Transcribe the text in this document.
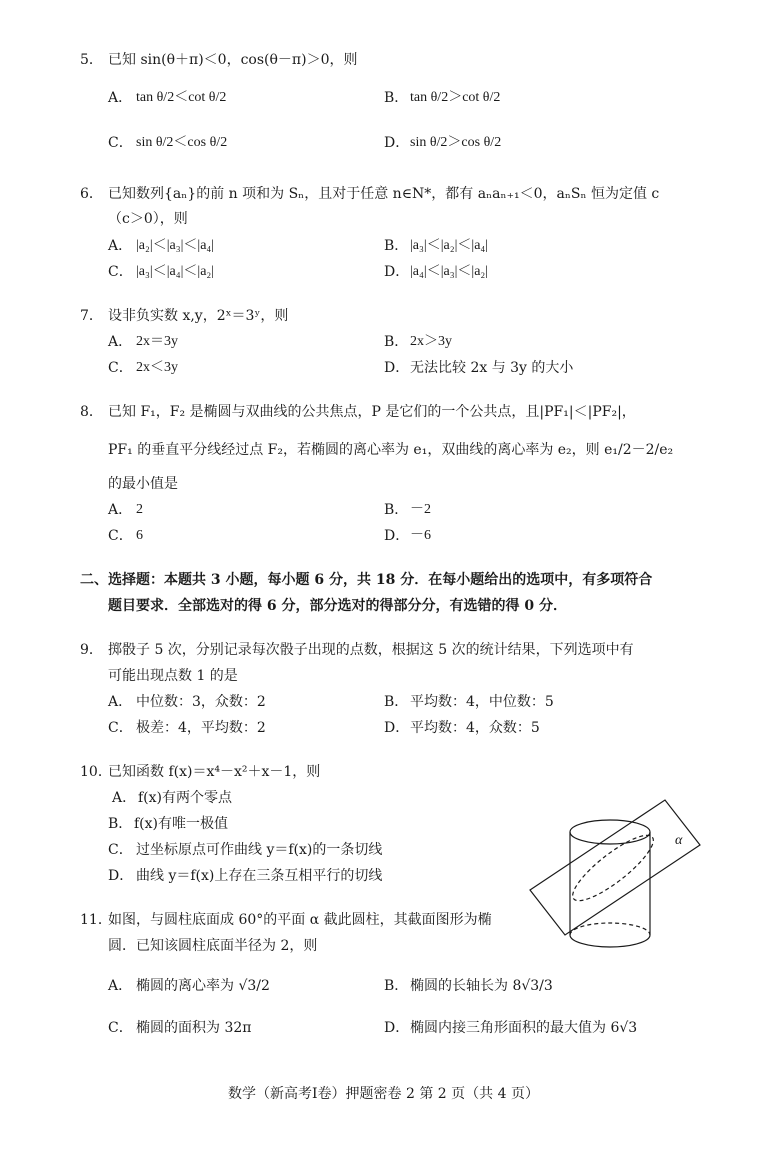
5． 已知 sin(θ＋π)＜0，cos(θ－π)＞0，则
A． tan θ/2＜cot θ/2	B． tan θ/2＞cot θ/2
C． sin θ/2＜cos θ/2	D． sin θ/2＞cos θ/2
6． 已知数列{aₙ}的前 n 项和为 Sₙ，且对于任意 n∈N*，都有 aₙaₙ₊₁＜0，aₙSₙ 恒为定值 c
（c＞0），则
A． |a₂|＜|a₃|＜|a₄|	B． |a₃|＜|a₂|＜|a₄|
C． |a₃|＜|a₄|＜|a₂|	D． |a₄|＜|a₃|＜|a₂|
7． 设非负实数 x,y，2ˣ＝3ʸ，则
A． 2x＝3y	B． 2x＞3y
C． 2x＜3y	D． 无法比较 2x 与 3y 的大小
8． 已知 F₁，F₂ 是椭圆与双曲线的公共焦点，P 是它们的一个公共点，且|PF₁|＜|PF₂|，
PF₁ 的垂直平分线经过点 F₂，若椭圆的离心率为 e₁，双曲线的离心率为 e₂，则 e₁/2－2/e₂
的最小值是
A． 2	B． －2
C． 6	D． －6
二、选择题：本题共 3 小题，每小题 6 分，共 18 分．在每小题给出的选项中，有多项符合
题目要求．全部选对的得 6 分，部分选对的得部分分，有选错的得 0 分．
9． 掷骰子 5 次，分别记录每次骰子出现的点数，根据这 5 次的统计结果，下列选项中有
可能出现点数 1 的是
A． 中位数：3，众数：2	B． 平均数：4，中位数：5
C． 极差：4，平均数：2	D． 平均数：4，众数：5
10．
已知函数 f(x)＝x⁴－x²＋x－1，则
A． f(x)有两个零点
B． f(x)有唯一极值
C． 过坐标原点可作曲线 y＝f(x)的一条切线
D． 曲线 y＝f(x)上存在三条互相平行的切线
11．
如图，与圆柱底面成 60°的平面 α 截此圆柱，其截面图形为椭
圆．已知该圆柱底面半径为 2，则
A． 椭圆的离心率为 √3/2	B． 椭圆的长轴长为 8√3/3
C． 椭圆的面积为 32π	D． 椭圆内接三角形面积的最大值为 6√3
α
数学（新高考Ⅰ卷）押题密卷 2 第 2 页（共 4 页）
